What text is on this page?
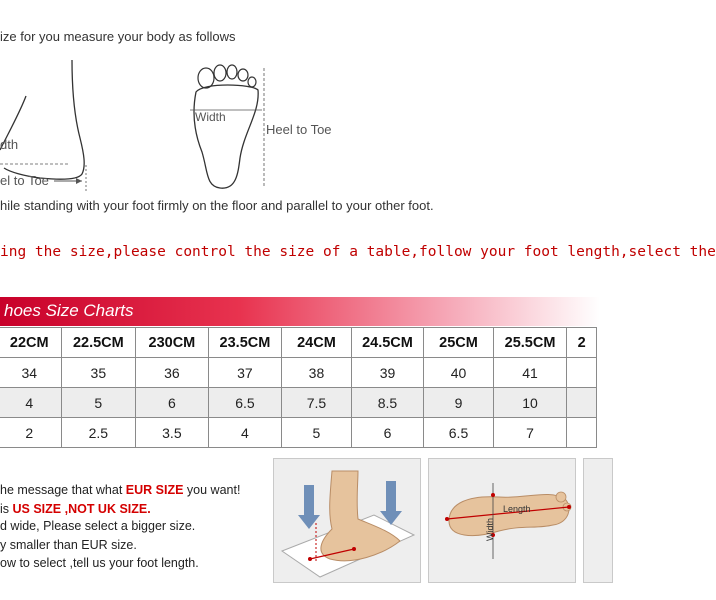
ize for you measure your body as follows
dth
el to Toe
Width
Heel to Toe
hile standing with your foot firmly on the floor and parallel to your other foot.
ing the size,please control the size of a table,follow your foot length,select the
hoes Size Charts
22CM	22.5CM	230CM	23.5CM	24CM	24.5CM	25CM	25.5CM	2
34	35	36	37	38	39	40	41	
4	5	6	6.5	7.5	8.5	9	10	
2	2.5	3.5	4	5	6	6.5	7	
he message that what EUR SIZE you want!
is US SIZE ,NOT UK SIZE.
d wide, Please select a bigger size.
y smaller than EUR size.
ow to select ,tell us your foot length.
Length
Width
